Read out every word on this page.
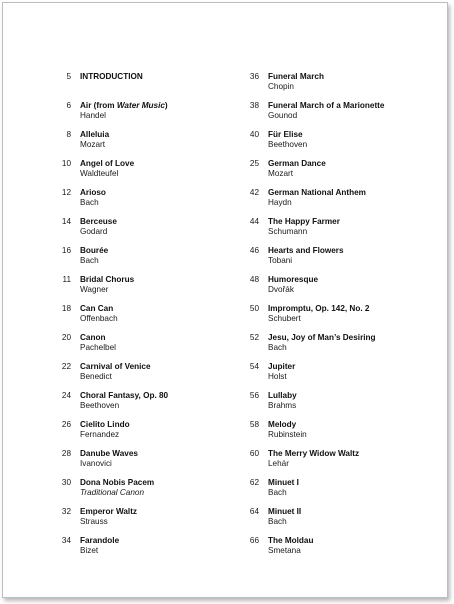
5 INTRODUCTION
6 Air (from Water Music)
Handel
8 Alleluia
Mozart
10 Angel of Love
Waldteufel
12 Arioso
Bach
14 Berceuse
Godard
16 Bourée
Bach
11 Bridal Chorus
Wagner
18 Can Can
Offenbach
20 Canon
Pachelbel
22 Carnival of Venice
Benedict
24 Choral Fantasy, Op. 80
Beethoven
26 Cielito Lindo
Fernandez
28 Danube Waves
Ivanovici
30 Dona Nobis Pacem
Traditional Canon
32 Emperor Waltz
Strauss
34 Farandole
Bizet
36 Funeral March
Chopin
38 Funeral March of a Marionette
Gounod
40 Für Elise
Beethoven
25 German Dance
Mozart
42 German National Anthem
Haydn
44 The Happy Farmer
Schumann
46 Hearts and Flowers
Tobani
48 Humoresque
Dvořák
50 Impromptu, Op. 142, No. 2
Schubert
52 Jesu, Joy of Man’s Desiring
Bach
54 Jupiter
Holst
56 Lullaby
Brahms
58 Melody
Rubinstein
60 The Merry Widow Waltz
Lehár
62 Minuet I
Bach
64 Minuet II
Bach
66 The Moldau
Smetana
